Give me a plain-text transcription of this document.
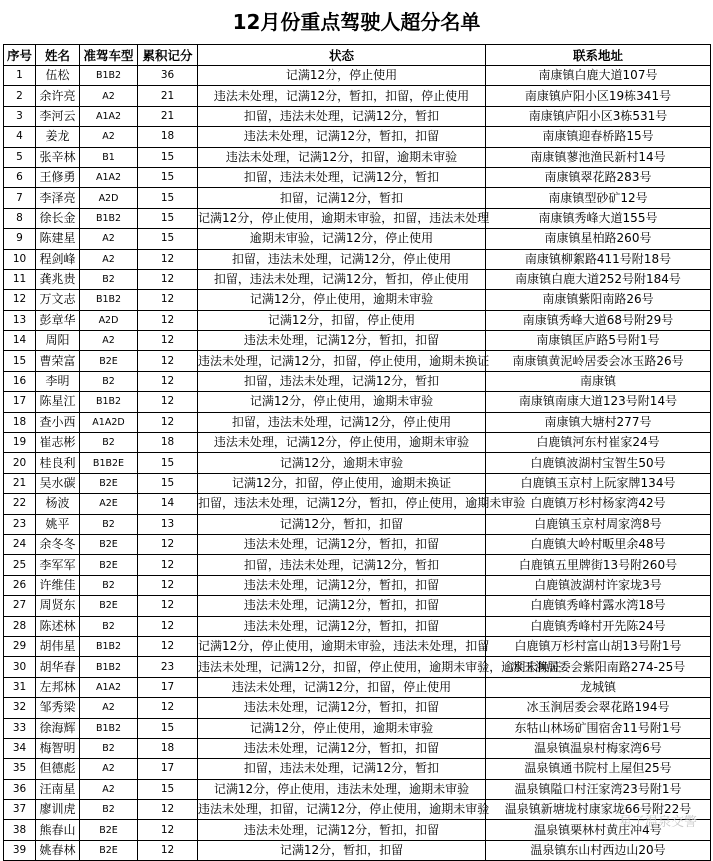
12月份重点驾驶人超分名单
序号	姓名	准驾车型	累积记分	状态	联系地址
1	伍松	B1B2	36	记满12分，停止使用	南康镇白鹿大道107号
2	余许亮	A2	21	违法未处理，记满12分，暂扣，扣留，停止使用	南康镇庐阳小区19栋341号
3	李河云	A1A2	21	扣留，违法未处理，记满12分，暂扣	南康镇庐阳小区3栋531号
4	姜龙	A2	18	违法未处理，记满12分，暂扣，扣留	南康镇迎春桥路15号
5	张辛林	B1	15	违法未处理，记满12分，扣留，逾期未审验	南康镇蓼池渔民新村14号
6	王修勇	A1A2	15	扣留，违法未处理，记满12分，暂扣	南康镇翠花路283号
7	李泽亮	A2D	15	扣留，记满12分，暂扣	南康镇型砂矿12号
8	徐长金	B1B2	15	记满12分，停止使用，逾期未审验，扣留，违法未处理	南康镇秀峰大道155号
9	陈建星	A2	15	逾期未审验，记满12分，停止使用	南康镇星柏路260号
10	程剑峰	A2	12	扣留，违法未处理，记满12分，停止使用	南康镇柳絮路411号附18号
11	龚兆贵	B2	12	扣留，违法未处理，记满12分，暂扣，停止使用	南康镇白鹿大道252号附184号
12	万文志	B1B2	12	记满12分，停止使用，逾期未审验	南康镇紫阳南路26号
13	彭章华	A2D	12	记满12分，扣留，停止使用	南康镇秀峰大道68号附29号
14	周阳	A2	12	违法未处理，记满12分，暂扣，扣留	南康镇匡庐路5号附1号
15	曹荣富	B2E	12	违法未处理，记满12分，扣留，停止使用，逾期未换证	南康镇黄泥岭居委会冰玉路26号
16	李明	B2	12	扣留，违法未处理，记满12分，暂扣	南康镇
17	陈星江	B1B2	12	记满12分，停止使用，逾期未审验	南康镇南康大道123号附14号
18	查小西	A1A2D	12	扣留，违法未处理，记满12分，停止使用	南康镇大塘村277号
19	崔志彬	B2	18	违法未处理，记满12分，停止使用，逾期未审验	白鹿镇河东村崔家24号
20	桂良利	B1B2E	15	记满12分，逾期未审验	白鹿镇波湖村宝智生50号
21	吴水碳	B2E	15	记满12分，扣留，停止使用，逾期未换证	白鹿镇玉京村上阮家牌134号
22	杨波	A2E	14	扣留，违法未处理，记满12分，暂扣，停止使用，逾期未审验	白鹿镇万杉村杨家湾42号
23	姚平	B2	13	记满12分，暂扣，扣留	白鹿镇玉京村周家湾8号
24	余冬冬	B2E	12	违法未处理，记满12分，暂扣，扣留	白鹿镇大岭村畈里余48号
25	李军军	B2E	12	扣留，违法未处理，记满12分，暂扣	白鹿镇五里牌街13号附260号
26	许维佳	B2	12	违法未处理，记满12分，暂扣，扣留	白鹿镇波湖村许家垅3号
27	周贤东	B2E	12	违法未处理，记满12分，暂扣，扣留	白鹿镇秀峰村露水湾18号
28	陈述林	B2	12	违法未处理，记满12分，暂扣，扣留	白鹿镇秀峰村开先陈24号
29	胡伟星	B1B2	12	记满12分，停止使用，逾期未审验，违法未处理，扣留	白鹿镇万杉村富山胡13号附1号
30	胡华春	B1B2	23	违法未处理，记满12分，扣留，停止使用，逾期未审验，逾期未换证	冰玉涧居委会紫阳南路274-25号
31	左邦林	A1A2	17	违法未处理，记满12分，扣留，停止使用	龙城镇
32	邹秀梁	A2	12	违法未处理，记满12分，暂扣，扣留	冰玉涧居委会翠花路194号
33	徐海辉	B1B2	15	记满12分，停止使用，逾期未审验	东牯山林场矿围宿舍11号附1号
34	梅智明	B2	18	违法未处理，记满12分，暂扣，扣留	温泉镇温泉村梅家湾6号
35	但德彪	A2	17	扣留，违法未处理，记满12分，暂扣	温泉镇通书院村上屋但25号
36	汪南星	A2	15	记满12分，停止使用，违法未处理，逾期未审验	温泉镇隘口村汪家湾23号附1号
37	廖训虎	B2	12	违法未处理，扣留，记满12分，停止使用，逾期未审验	温泉镇新塘垅村康家垅66号附22号
38	熊春山	B2E	12	违法未处理，记满12分，暂扣，扣留	温泉镇栗林村黄庄冲4号
39	姚春林	B2E	12	记满12分，暂扣，扣留	温泉镇东山村西边山20号
星子温泉交警
